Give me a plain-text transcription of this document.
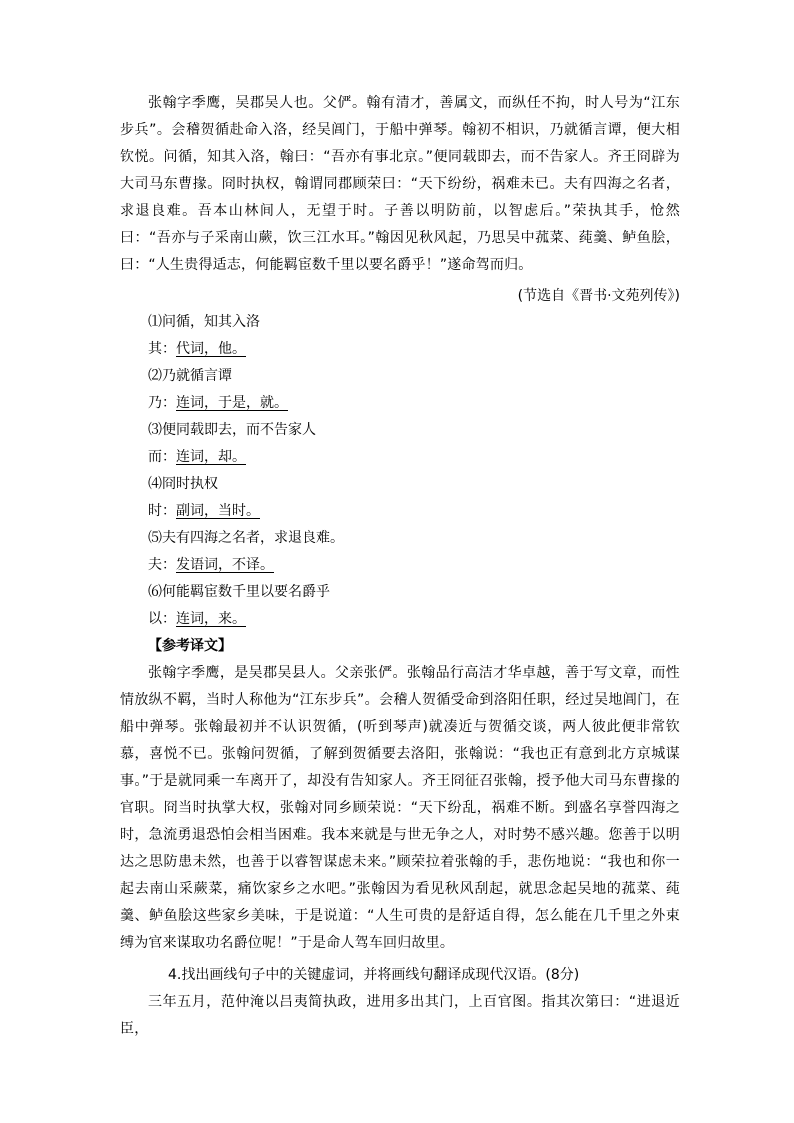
张翰字季鹰，吴郡吴人也。父俨。翰有清才，善属文，而纵任不拘，时人号为“江东步兵”。会稽贺循赴命入洛，经吴阊门，于船中弹琴。翰初不相识，乃就循言谭，便大相钦悦。问循，知其入洛，翰曰：“吾亦有事北京。”便同载即去，而不告家人。齐王冏辟为大司马东曹掾。冏时执权，翰谓同郡顾荣曰：“天下纷纷，祸难未已。夫有四海之名者，求退良难。吾本山林间人，无望于时。子善以明防前，以智虑后。”荣执其手，怆然曰：“吾亦与子采南山蕨，饮三江水耳。”翰因见秋风起，乃思吴中菰菜、莼羹、鲈鱼脍，曰：“人生贵得适志，何能羁宦数千里以要名爵乎！”遂命驾而归。

(节选自《晋书·文苑列传》)
⑴问循，知其入洛
其：代词，他。
⑵乃就循言谭
乃：连词，于是，就。
⑶便同载即去，而不告家人
而：连词，却。
⑷冏时执权
时：副词，当时。
⑸夫有四海之名者，求退良难。
夫：发语词，不译。
⑹何能羁宦数千里以要名爵乎
以：连词，来。
【参考译文】

张翰字季鹰，是吴郡吴县人。父亲张俨。张翰品行高洁才华卓越，善于写文章，而性情放纵不羁，当时人称他为“江东步兵”。会稽人贺循受命到洛阳任职，经过吴地阊门，在船中弹琴。张翰最初并不认识贺循，(听到琴声)就凑近与贺循交谈，两人彼此便非常钦慕，喜悦不已。张翰问贺循，了解到贺循要去洛阳，张翰说：“我也正有意到北方京城谋事。”于是就同乘一车离开了，却没有告知家人。齐王冏征召张翰，授予他大司马东曹掾的官职。冏当时执掌大权，张翰对同乡顾荣说：“天下纷乱，祸难不断。到盛名享誉四海之时，急流勇退恐怕会相当困难。我本来就是与世无争之人，对时势不感兴趣。您善于以明达之思防患未然，也善于以睿智谋虑未来。”顾荣拉着张翰的手，悲伤地说：“我也和你一起去南山采蕨菜，痛饮家乡之水吧。”张翰因为看见秋风刮起，就思念起吴地的菰菜、莼羹、鲈鱼脍这些家乡美味，于是说道：“人生可贵的是舒适自得，怎么能在几千里之外束缚为官来谋取功名爵位呢！”于是命人驾车回归故里。

4.找出画线句子中的关键虚词，并将画线句翻译成现代汉语。(8分)

三年五月，范仲淹以吕夷简执政，进用多出其门，上百官图。指其次第曰：“进退近臣，
